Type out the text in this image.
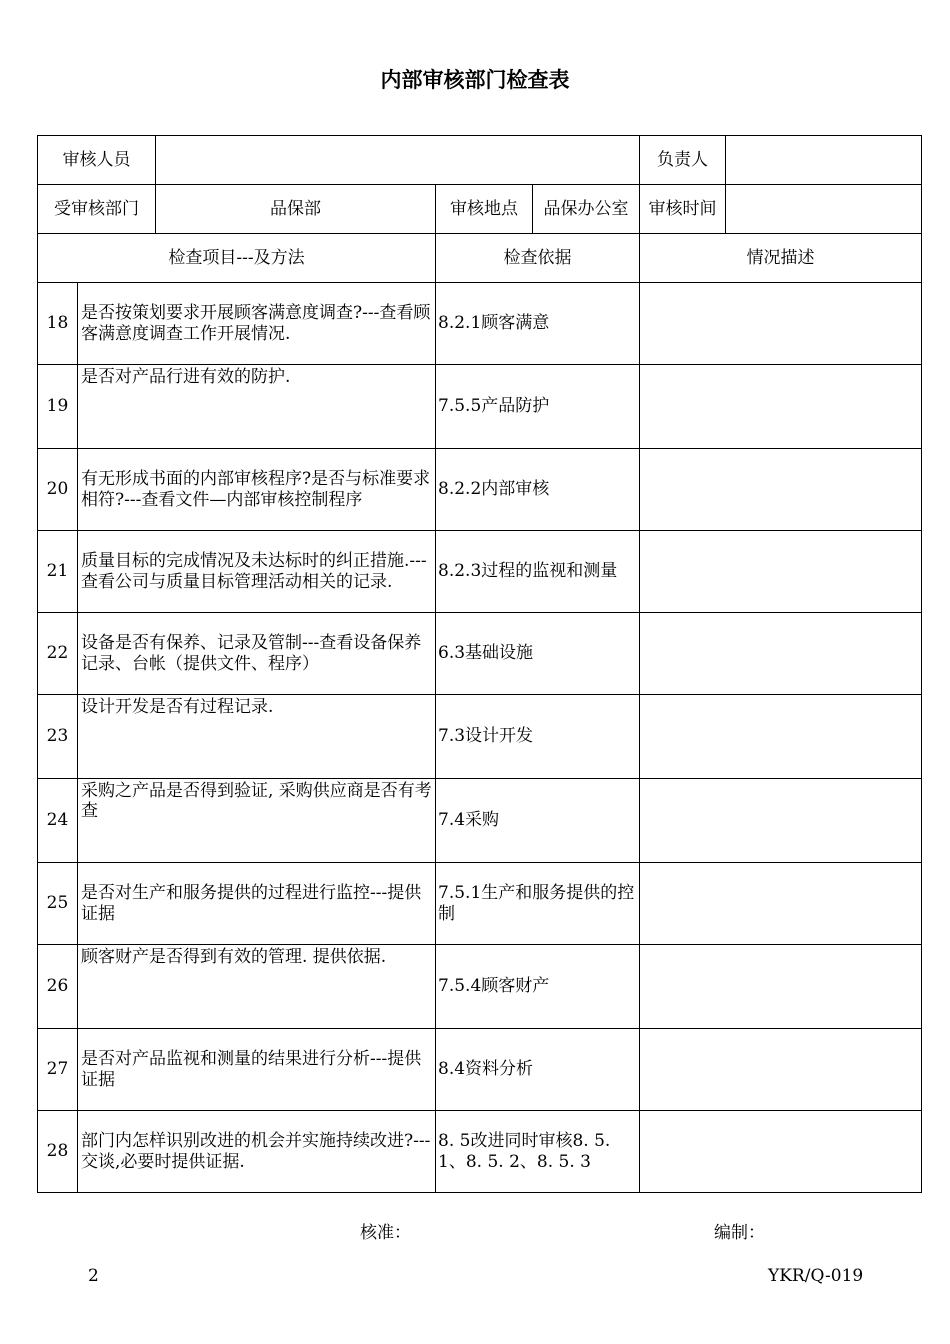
内部审核部门检查表
审核人员					负责人	
受审核部门		品保部	审核地点	品保办公室	审核时间	
检查项目---及方法			检查依据		情况描述	
18	是否按策划要求开展顾客满意度调查?---查看顾客满意度调查工作开展情况.		8.2.1顾客满意			
19	是否对产品行进有效的防护.		7.5.5产品防护			
20	有无形成书面的内部审核程序?是否与标准要求相符?---查看文件—内部审核控制程序		8.2.2内部审核			
21	质量目标的完成情况及未达标时的纠正措施.---查看公司与质量目标管理活动相关的记录.		8.2.3过程的监视和测量			
22	设备是否有保养、记录及管制---查看设备保养记录、台帐（提供文件、程序）		6.3基础设施			
23	设计开发是否有过程记录.		7.3设计开发			
24	采购之产品是否得到验证, 采购供应商是否有考查		7.4采购			
25	是否对生产和服务提供的过程进行监控---提供证据		7.5.1生产和服务提供的控制			
26	顾客财产是否得到有效的管理. 提供依据.		7.5.4顾客财产			
27	是否对产品监视和测量的结果进行分析---提供证据		8.4资料分析			
28	部门内怎样识别改进的机会并实施持续改进?---交谈,必要时提供证据.		8. 5改进同时审核8. 5. 1、8. 5. 2、8. 5. 3			
核准：	编制：
2	YKR/Q-019
